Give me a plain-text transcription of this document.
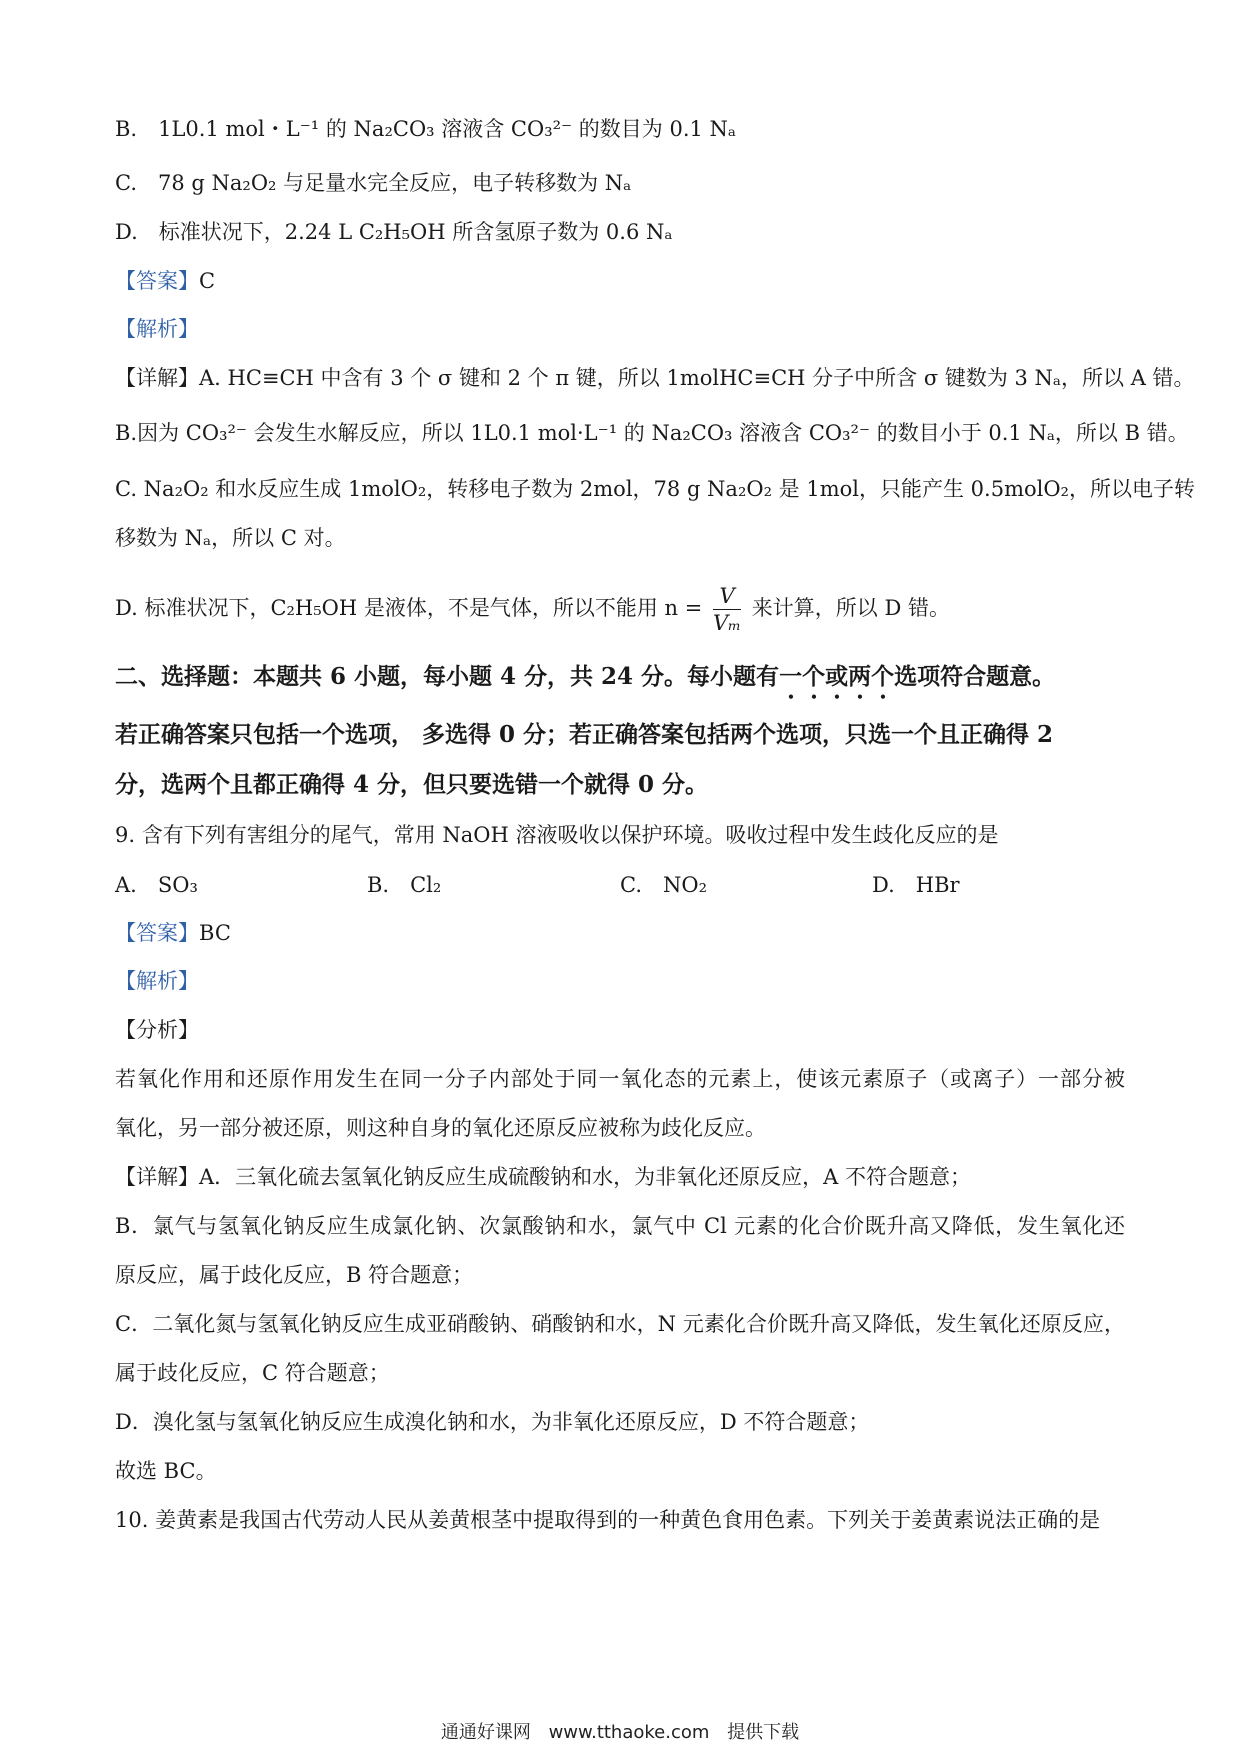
B.　1L0.1 mol・L⁻¹ 的 Na₂CO₃ 溶液含 CO₃²⁻ 的数目为 0.1 Nₐ
C.　78 g Na₂O₂ 与足量水完全反应，电子转移数为 Nₐ
D.　标准状况下，2.24 L C₂H₅OH 所含氢原子数为 0.6 Nₐ
【答案】C
【解析】
【详解】A. HC≡CH 中含有 3 个 σ 键和 2 个 π 键，所以 1molHC≡CH 分子中所含 σ 键数为 3 Nₐ，所以 A 错。
B.因为 CO₃²⁻ 会发生水解反应，所以 1L0.1 mol·L⁻¹ 的 Na₂CO₃ 溶液含 CO₃²⁻ 的数目小于 0.1 Nₐ，所以 B 错。
C. Na₂O₂ 和水反应生成 1molO₂，转移电子数为 2mol，78 g Na₂O₂ 是 1mol，只能产生 0.5molO₂，所以电子转
移数为 Nₐ，所以 C 对。
D. 标准状况下，C₂H₅OH 是液体，不是气体，所以不能用 $n = \frac{V}{\text{Vₘ}}$ 来计算，所以 D 错。
二、选择题：本题共 6 小题，每小题 4 分，共 24 分。每小题有一个或两个选项符合题意。
若正确答案只包括一个选项， 多选得 0 分；若正确答案包括两个选项，只选一个且正确得 2
分，选两个且都正确得 4 分，但只要选错一个就得 0 分。
9. 含有下列有害组分的尾气，常用 NaOH 溶液吸收以保护环境。吸收过程中发生歧化反应的是
A.　SO₃	B.　Cl₂	C.　NO₂	D.　HBr
【答案】BC
【解析】
【分析】
若氧化作用和还原作用发生在同一分子内部处于同一氧化态的元素上，使该元素原子（或离子）一部分被
氧化，另一部分被还原，则这种自身的氧化还原反应被称为歧化反应。
【详解】A．三氧化硫去氢氧化钠反应生成硫酸钠和水，为非氧化还原反应，A 不符合题意；
B．氯气与氢氧化钠反应生成氯化钠、次氯酸钠和水，氯气中 Cl 元素的化合价既升高又降低，发生氧化还
原反应，属于歧化反应，B 符合题意；
C．二氧化氮与氢氧化钠反应生成亚硝酸钠、硝酸钠和水，N 元素化合价既升高又降低，发生氧化还原反应，
属于歧化反应，C 符合题意；
D．溴化氢与氢氧化钠反应生成溴化钠和水，为非氧化还原反应，D 不符合题意；
故选 BC。
10. 姜黄素是我国古代劳动人民从姜黄根茎中提取得到的一种黄色食用色素。下列关于姜黄素说法正确的是
通通好课网 www.tthaoke.com 提供下载
